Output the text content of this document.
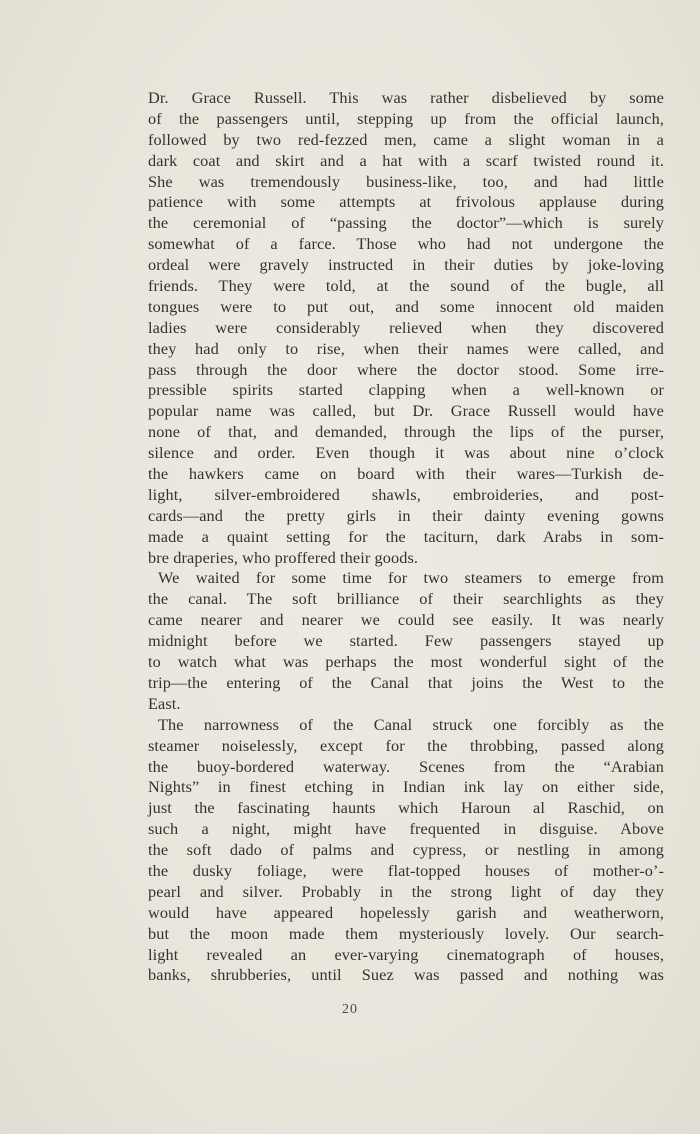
Dr. Grace Russell. This was rather disbelieved by some
of the passengers until, stepping up from the official launch,
followed by two red-fezzed men, came a slight woman in a
dark coat and skirt and a hat with a scarf twisted round it.
She was tremendously business-like, too, and had little
patience with some attempts at frivolous applause during
the ceremonial of “passing the doctor”—which is surely
somewhat of a farce. Those who had not undergone the
ordeal were gravely instructed in their duties by joke-loving
friends. They were told, at the sound of the bugle, all
tongues were to put out, and some innocent old maiden
ladies were considerably relieved when they discovered
they had only to rise, when their names were called, and
pass through the door where the doctor stood. Some irre-
pressible spirits started clapping when a well-known or
popular name was called, but Dr. Grace Russell would have
none of that, and demanded, through the lips of the purser,
silence and order. Even though it was about nine o’clock
the hawkers came on board with their wares—Turkish de-
light, silver-embroidered shawls, embroideries, and post-
cards—and the pretty girls in their dainty evening gowns
made a quaint setting for the taciturn, dark Arabs in som-
bre draperies, who proffered their goods.
We waited for some time for two steamers to emerge from
the canal. The soft brilliance of their searchlights as they
came nearer and nearer we could see easily. It was nearly
midnight before we started. Few passengers stayed up
to watch what was perhaps the most wonderful sight of the
trip—the entering of the Canal that joins the West to the
East.
The narrowness of the Canal struck one forcibly as the
steamer noiselessly, except for the throbbing, passed along
the buoy-bordered waterway. Scenes from the “Arabian
Nights” in finest etching in Indian ink lay on either side,
just the fascinating haunts which Haroun al Raschid, on
such a night, might have frequented in disguise. Above
the soft dado of palms and cypress, or nestling in among
the dusky foliage, were flat-topped houses of mother-o’-
pearl and silver. Probably in the strong light of day they
would have appeared hopelessly garish and weatherworn,
but the moon made them mysteriously lovely. Our search-
light revealed an ever-varying cinematograph of houses,
banks, shrubberies, until Suez was passed and nothing was
20
